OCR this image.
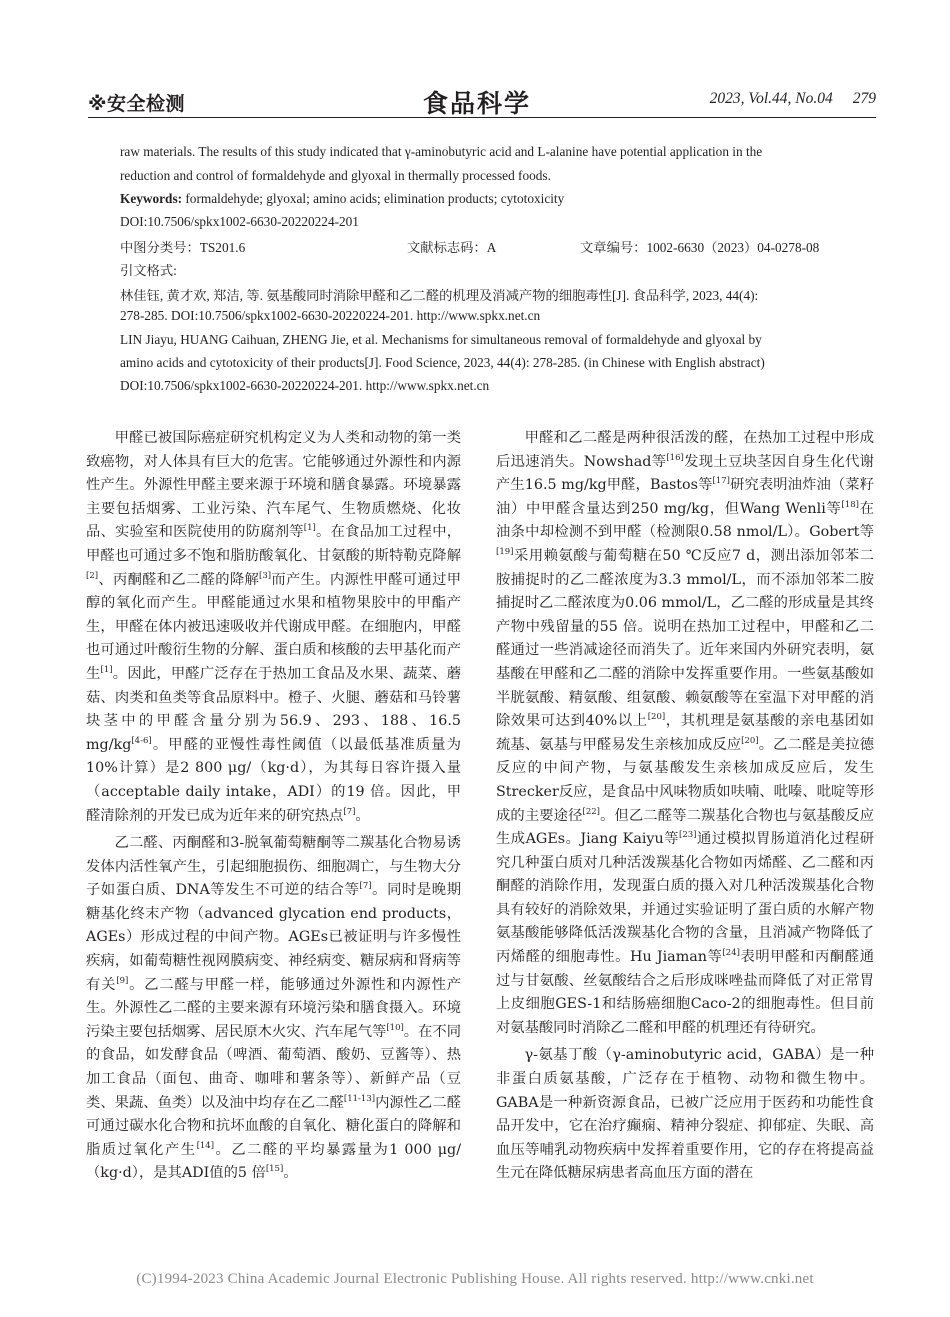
※安全检测	食品科学	2023, Vol.44, No.04 279
raw materials. The results of this study indicated that γ-aminobutyric acid and L-alanine have potential application in the
reduction and control of formaldehyde and glyoxal in thermally processed foods.
Keywords: formaldehyde; glyoxal; amino acids; elimination products; cytotoxicity
DOI:10.7506/spkx1002-6630-20220224-201
中图分类号：TS201.6	文献标志码：A	文章编号：1002-6630（2023）04-0278-08
引文格式:
林佳钰, 黄才欢, 郑洁, 等. 氨基酸同时消除甲醛和乙二醛的机理及消减产物的细胞毒性[J]. 食品科学, 2023, 44(4):
278-285. DOI:10.7506/spkx1002-6630-20220224-201. http://www.spkx.net.cn
LIN Jiayu, HUANG Caihuan, ZHENG Jie, et al. Mechanisms for simultaneous removal of formaldehyde and glyoxal by
amino acids and cytotoxicity of their products[J]. Food Science, 2023, 44(4): 278-285. (in Chinese with English abstract)
DOI:10.7506/spkx1002-6630-20220224-201. http://www.spkx.net.cn

甲醛已被国际癌症研究机构定义为人类和动物的第一类致癌物，对人体具有巨大的危害。它能够通过外源性和内源性产生。外源性甲醛主要来源于环境和膳食暴露。环境暴露主要包括烟雾、工业污染、汽车尾气、生物质燃烧、化妆品、实验室和医院使用的防腐剂等[1]。在食品加工过程中，甲醛也可通过多不饱和脂肪酸氧化、甘氨酸的斯特勒克降解[2]、丙酮醛和乙二醛的降解[3]而产生。内源性甲醛可通过甲醇的氧化而产生。甲醛能通过水果和植物果胶中的甲酯产生，甲醛在体内被迅速吸收并代谢成甲醛。在细胞内，甲醛也可通过叶酸衍生物的分解、蛋白质和核酸的去甲基化而产生[1]。因此，甲醛广泛存在于热加工食品及水果、蔬菜、蘑菇、肉类和鱼类等食品原料中。橙子、火腿、蘑菇和马铃薯块茎中的甲醛含量分别为56.9、293、188、16.5 mg/kg[4-6]。甲醛的亚慢性毒性阈值（以最低基准质量为10%计算）是2 800 μg/（kg·d），为其每日容许摄入量（acceptable daily intake，ADI）的19 倍。因此，甲醛清除剂的开发已成为近年来的研究热点[7]。

乙二醛、丙酮醛和3-脱氧葡萄糖酮等二羰基化合物易诱发体内活性氧产生，引起细胞损伤、细胞凋亡，与生物大分子如蛋白质、DNA等发生不可逆的结合等[7]。同时是晚期糖基化终末产物（advanced glycation end products，AGEs）形成过程的中间产物。AGEs已被证明与许多慢性疾病，如葡萄糖性视网膜病变、神经病变、糖尿病和肾病等有关[9]。乙二醛与甲醛一样，能够通过外源性和内源性产生。外源性乙二醛的主要来源有环境污染和膳食摄入。环境污染主要包括烟雾、居民原木火灾、汽车尾气等[10]。在不同的食品，如发酵食品（啤酒、葡萄酒、酸奶、豆酱等）、热加工食品（面包、曲奇、咖啡和薯条等）、新鲜产品（豆类、果蔬、鱼类）以及油中均存在乙二醛[11-13]内源性乙二醛可通过碳水化合物和抗坏血酸的自氧化、糖化蛋白的降解和脂质过氧化产生[14]。乙二醛的平均暴露量为1 000 μg/（kg·d），是其ADI值的5 倍[15]。

甲醛和乙二醛是两种很活泼的醛，在热加工过程中形成后迅速消失。Nowshad等[16]发现土豆块茎因自身生化代谢产生16.5 mg/kg甲醛，Bastos等[17]研究表明油炸油（菜籽油）中甲醛含量达到250 mg/kg，但Wang Wenli等[18]在油条中却检测不到甲醛（检测限0.58 nmol/L）。Gobert等[19]采用赖氨酸与葡萄糖在50 ℃反应7 d，测出添加邻苯二胺捕捉时的乙二醛浓度为3.3 mmol/L，而不添加邻苯二胺捕捉时乙二醛浓度为0.06 mmol/L，乙二醛的形成量是其终产物中残留量的55 倍。说明在热加工过程中，甲醛和乙二醛通过一些消减途径而消失了。近年来国内外研究表明，氨基酸在甲醛和乙二醛的消除中发挥重要作用。一些氨基酸如半胱氨酸、精氨酸、组氨酸、赖氨酸等在室温下对甲醛的消除效果可达到40%以上[20]，其机理是氨基酸的亲电基团如巯基、氨基与甲醛易发生亲核加成反应[20]。乙二醛是美拉德反应的中间产物，与氨基酸发生亲核加成反应后，发生Strecker反应，是食品中风味物质如呋喃、吡嗪、吡啶等形成的主要途径[22]。但乙二醛等二羰基化合物也与氨基酸反应生成AGEs。Jiang Kaiyu等[23]通过模拟胃肠道消化过程研究几种蛋白质对几种活泼羰基化合物如丙烯醛、乙二醛和丙酮醛的消除作用，发现蛋白质的摄入对几种活泼羰基化合物具有较好的消除效果，并通过实验证明了蛋白质的水解产物氨基酸能够降低活泼羰基化合物的含量，且消减产物降低了丙烯醛的细胞毒性。Hu Jiaman等[24]表明甲醛和丙酮醛通过与甘氨酸、丝氨酸结合之后形成咪唑盐而降低了对正常胃上皮细胞GES-1和结肠癌细胞Caco-2的细胞毒性。但目前对氨基酸同时消除乙二醛和甲醛的机理还有待研究。

γ-氨基丁酸（γ-aminobutyric acid，GABA）是一种非蛋白质氨基酸，广泛存在于植物、动物和微生物中。GABA是一种新资源食品，已被广泛应用于医药和功能性食品开发中，它在治疗癫痫、精神分裂症、抑郁症、失眠、高血压等哺乳动物疾病中发挥着重要作用，它的存在将提高益生元在降低糖尿病患者高血压方面的潜在

(C)1994-2023 China Academic Journal Electronic Publishing House. All rights reserved. http://www.cnki.net
